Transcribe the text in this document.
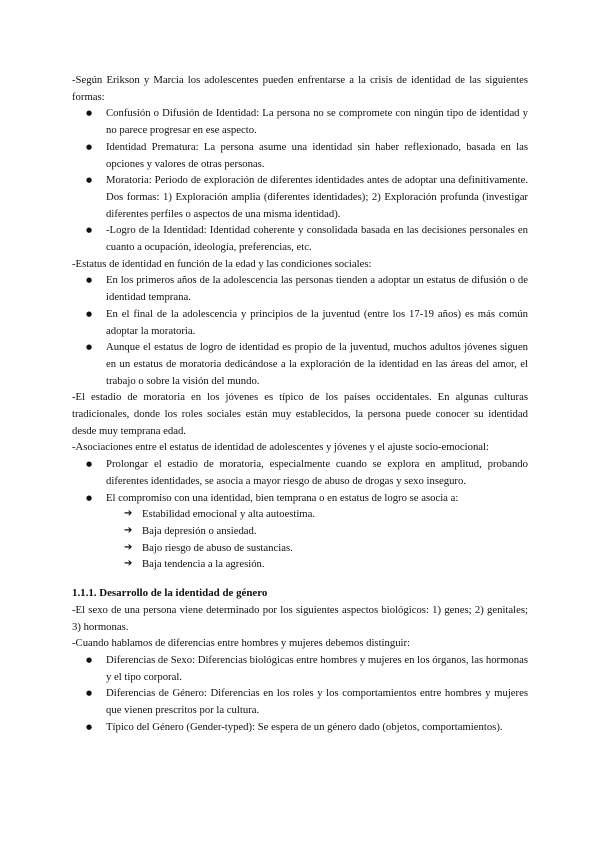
-Según Erikson y Marcia los adolescentes pueden enfrentarse a la crisis de identidad de las siguientes formas:

● Confusión o Difusión de Identidad: La persona no se compromete con ningún tipo de identidad y no parece progresar en ese aspecto.
● Identidad Prematura: La persona asume una identidad sin haber reflexionado, basada en las opciones y valores de otras personas.
● Moratoria: Periodo de exploración de diferentes identidades antes de adoptar una definitivamente. Dos formas: 1) Exploración amplia (diferentes identidades); 2) Exploración profunda (investigar diferentes perfiles o aspectos de una misma identidad).
● -Logro de la Identidad: Identidad coherente y consolidada basada en las decisiones personales en cuanto a ocupación, ideología, preferencias, etc.

-Estatus de identidad en función de la edad y las condiciones sociales:

● En los primeros años de la adolescencia las personas tienden a adoptar un estatus de difusión o de identidad temprana.
● En el final de la adolescencia y principios de la juventud (entre los 17-19 años) es más común adoptar la moratoria.
● Aunque el estatus de logro de identidad es propio de la juventud, muchos adultos jóvenes siguen en un estatus de moratoria dedicándose a la exploración de la identidad en las áreas del amor, el trabajo o sobre la visión del mundo.

-El estadio de moratoria en los jóvenes es típico de los países occidentales. En algunas culturas tradicionales, donde los roles sociales están muy establecidos, la persona puede conocer su identidad desde muy temprana edad.

-Asociaciones entre el estatus de identidad de adolescentes y jóvenes y el ajuste socio-emocional:

● Prolongar el estadio de moratoria, especialmente cuando se explora en amplitud, probando diferentes identidades, se asocia a mayor riesgo de abuso de drogas y sexo inseguro.
● El compromiso con una identidad, bien temprana o en estatus de logro se asocia a:
➔ Estabilidad emocional y alta autoestima.
➔ Baja depresión o ansiedad.
➔ Bajo riesgo de abuso de sustancias.
➔ Baja tendencia a la agresión.
1.1.1. Desarrollo de la identidad de género

-El sexo de una persona viene determinado por los siguientes aspectos biológicos: 1) genes; 2) genitales; 3) hormonas.

-Cuando hablamos de diferencias entre hombres y mujeres debemos distinguir:

● Diferencias de Sexo: Diferencias biológicas entre hombres y mujeres en los órganos, las hormonas y el tipo corporal.
● Diferencias de Género: Diferencias en los roles y los comportamientos entre hombres y mujeres que vienen prescritos por la cultura.
● Típico del Género (Gender-typed): Se espera de un género dado (objetos, comportamientos).
